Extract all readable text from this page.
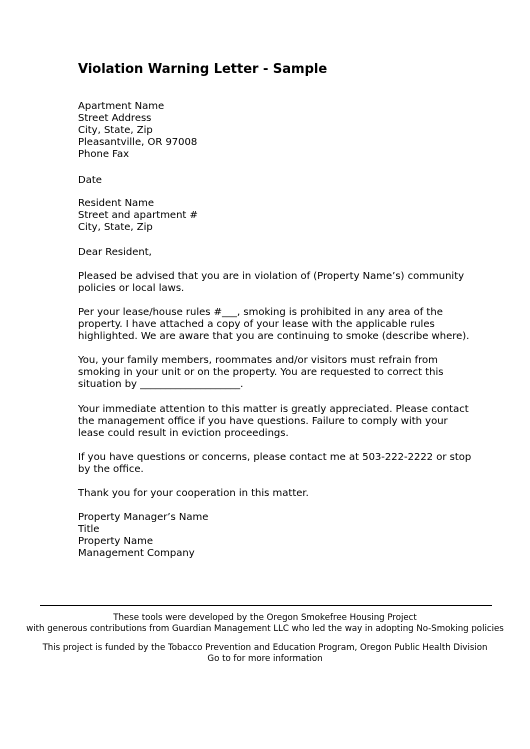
Violation Warning Letter - Sample
Apartment Name
Street Address
City, State, Zip
Pleasantville, OR 97008
Phone Fax
Date
Resident Name
Street and apartment #
City, State, Zip
Dear Resident,
Pleased be advised that you are in violation of (Property Name’s) community
policies or local laws.
Per your lease/house rules #___, smoking is prohibited in any area of the
property. I have attached a copy of your lease with the applicable rules
highlighted. We are aware that you are continuing to smoke (describe where).
You, your family members, roommates and/or visitors must refrain from
smoking in your unit or on the property. You are requested to correct this
situation by ____________________.
Your immediate attention to this matter is greatly appreciated. Please contact
the management office if you have questions. Failure to comply with your
lease could result in eviction proceedings.
If you have questions or concerns, please contact me at 503-222-2222 or stop
by the office.
Thank you for your cooperation in this matter.
Property Manager’s Name
Title
Property Name
Management Company
These tools were developed by the Oregon Smokefree Housing Project
with generous contributions from Guardian Management LLC who led the way in adopting No-Smoking policies
This project is funded by the Tobacco Prevention and Education Program, Oregon Public Health Division
Go to for more information
